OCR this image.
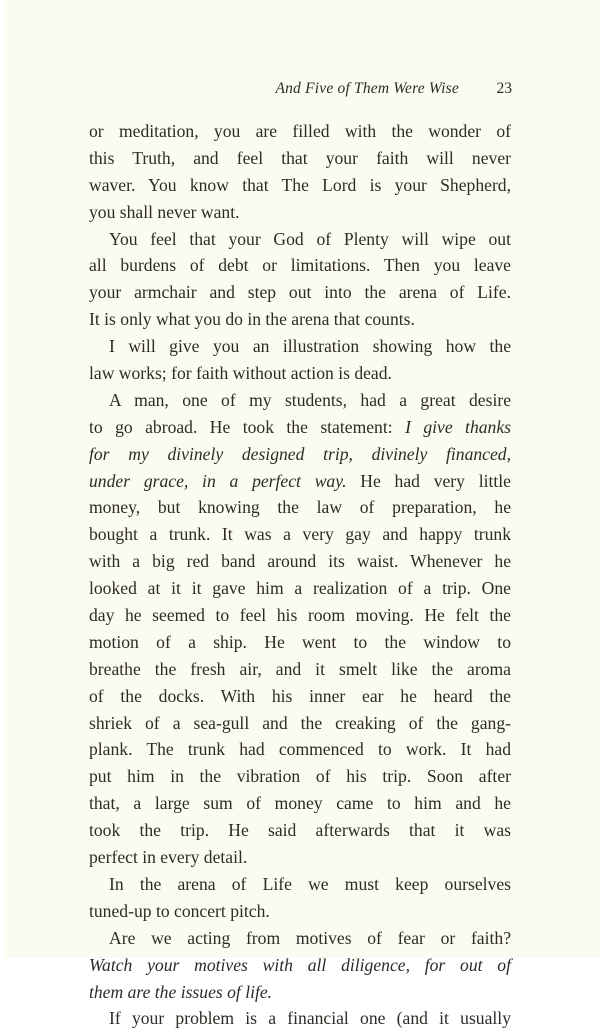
And Five of Them Were Wise 23
or meditation, you are filled with the wonder of
this Truth, and feel that your faith will never
waver. You know that The Lord is your Shepherd,
you shall never want.
You feel that your God of Plenty will wipe out
all burdens of debt or limitations. Then you leave
your armchair and step out into the arena of Life.
It is only what you do in the arena that counts.
I will give you an illustration showing how the
law works; for faith without action is dead.
A man, one of my students, had a great desire
to go abroad. He took the statement: I give thanks
for my divinely designed trip, divinely financed,
under grace, in a perfect way. He had very little
money, but knowing the law of preparation, he
bought a trunk. It was a very gay and happy trunk
with a big red band around its waist. Whenever he
looked at it it gave him a realization of a trip. One
day he seemed to feel his room moving. He felt the
motion of a ship. He went to the window to
breathe the fresh air, and it smelt like the aroma
of the docks. With his inner ear he heard the
shriek of a sea-gull and the creaking of the gang-
plank. The trunk had commenced to work. It had
put him in the vibration of his trip. Soon after
that, a large sum of money came to him and he
took the trip. He said afterwards that it was
perfect in every detail.
In the arena of Life we must keep ourselves
tuned-up to concert pitch.
Are we acting from motives of fear or faith?
Watch your motives with all diligence, for out of
them are the issues of life.
If your problem is a financial one (and it usually
